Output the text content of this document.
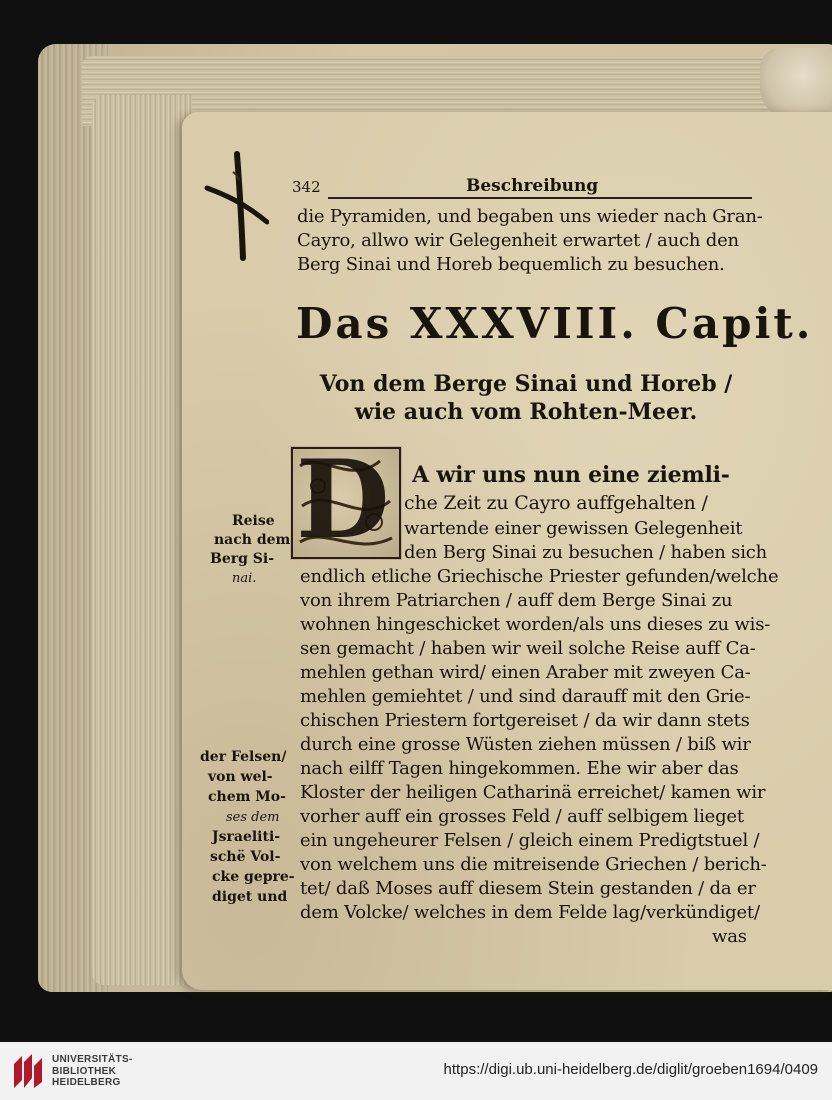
342	Beschreibung
die Pyramiden, und begaben uns wieder nach Gran-
Cayro, allwo wir Gelegenheit erwartet / auch den
Berg Sinai und Horeb bequemlich zu besuchen.
Das XXXVIII. Capit.
Von dem Berge Sinai und Horeb /
wie auch vom Rohten-Meer.
D A wir uns nun eine ziemli-
che Zeit zu Cayro auffgehalten /
wartende einer gewissen Gelegenheit
den Berg Sinai zu besuchen / haben sich
endlich etliche Griechische Priester gefunden/welche
von ihrem Patriarchen / auff dem Berge Sinai zu
wohnen hingeschicket worden/als uns dieses zu wis-
sen gemacht / haben wir weil solche Reise auff Ca-
mehlen gethan wird/ einen Araber mit zweyen Ca-
mehlen gemiehtet / und sind darauff mit den Grie-
chischen Priestern fortgereiset / da wir dann stets
durch eine grosse Wüsten ziehen müssen / biß wir
nach eilff Tagen hingekommen. Ehe wir aber das
Kloster der heiligen Catharinä erreichet/ kamen wir
vorher auff ein grosses Feld / auff selbigem lieget
ein ungeheurer Felsen / gleich einem Predigtstuel /
von welchem uns die mitreisende Griechen / berich-
tet/ daß Moses auff diesem Stein gestanden / da er
dem Volcke/ welches in dem Felde lag/verkündiget/
was
Reise
nach dem
Berg Si-
nai.
der Felsen/
von wel-
chem Mo-
ses dem
Jsraeliti-
schë Vol-
cke gepre-
diget und
UNIVERSITÄTS-
BIBLIOTHEK
HEIDELBERG
https://digi.ub.uni-heidelberg.de/diglit/groeben1694/0409
